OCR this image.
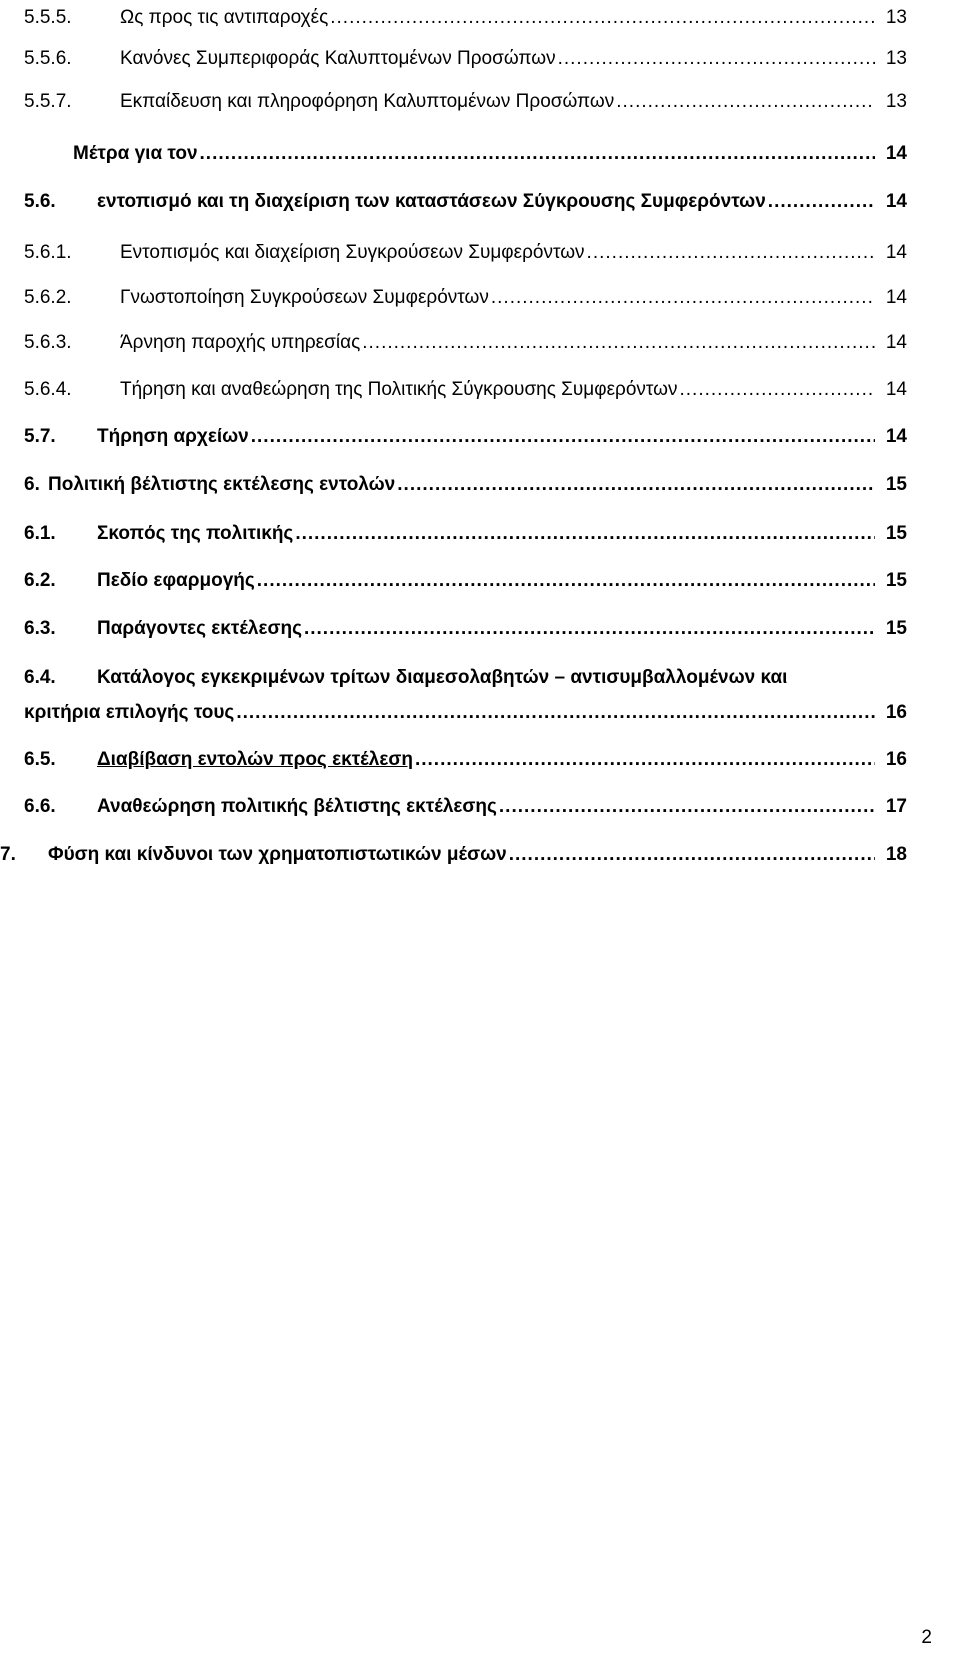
5.5.5.	Ως προς τις αντιπαροχές .....	13
5.5.6.	Κανόνες Συμπεριφοράς Καλυπτομένων Προσώπων .....	13
5.5.7.	Εκπαίδευση και πληροφόρηση Καλυπτομένων Προσώπων .....	13
Μέτρα για τον .....	14
5.6. εντοπισμό και τη διαχείριση των καταστάσεων Σύγκρουσης Συμφερόντων .....	14
5.6.1.	Εντοπισμός και διαχείριση Συγκρούσεων Συμφερόντων .....	14
5.6.2.	Γνωστοποίηση Συγκρούσεων Συμφερόντων .....	14
5.6.3.	Άρνηση παροχής υπηρεσίας .....	14
5.6.4.	Τήρηση και αναθεώρηση της Πολιτικής Σύγκρουσης Συμφερόντων .....	14
5.7. Τήρηση αρχείων .....	14
6. Πολιτική βέλτιστης εκτέλεσης εντολών .....	15
6.1. Σκοπός της πολιτικής .....	15
6.2. Πεδίο εφαρμογής .....	15
6.3. Παράγοντες εκτέλεσης .....	15
6.4. Κατάλογος εγκεκριμένων τρίτων διαμεσολαβητών – αντισυμβαλλομένων και
κριτήρια επιλογής τους .....	16
6.5. Διαβίβαση εντολών προς εκτέλεση .....	16
6.6. Αναθεώρηση πολιτικής βέλτιστης εκτέλεσης .....	17
7. Φύση και κίνδυνοι των χρηματοπιστωτικών μέσων .....	18
2
